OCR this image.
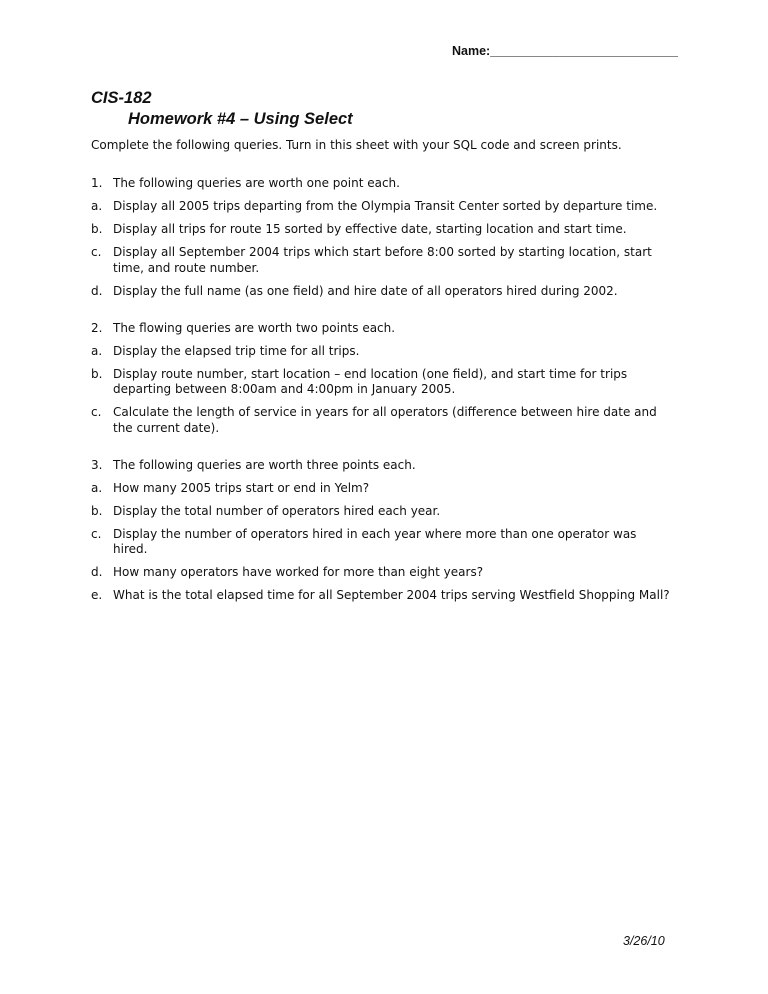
Name:___________________________
CIS-182
Homework #4 – Using Select
Complete the following queries. Turn in this sheet with your SQL code and screen prints.
1. The following queries are worth one point each.
a. Display all 2005 trips departing from the Olympia Transit Center sorted by departure time.
b. Display all trips for route 15 sorted by effective date, starting location and start time.
c. Display all September 2004 trips which start before 8:00 sorted by starting location, start time, and route number.
d. Display the full name (as one field) and hire date of all operators hired during 2002.
2. The flowing queries are worth two points each.
a. Display the elapsed trip time for all trips.
b. Display route number, start location – end location (one field), and start time for trips departing between 8:00am and 4:00pm in January 2005.
c. Calculate the length of service in years for all operators (difference between hire date and the current date).
3. The following queries are worth three points each.
a. How many 2005 trips start or end in Yelm?
b. Display the total number of operators hired each year.
c. Display the number of operators hired in each year where more than one operator was hired.
d. How many operators have worked for more than eight years?
e. What is the total elapsed time for all September 2004 trips serving Westfield Shopping Mall?
3/26/10
